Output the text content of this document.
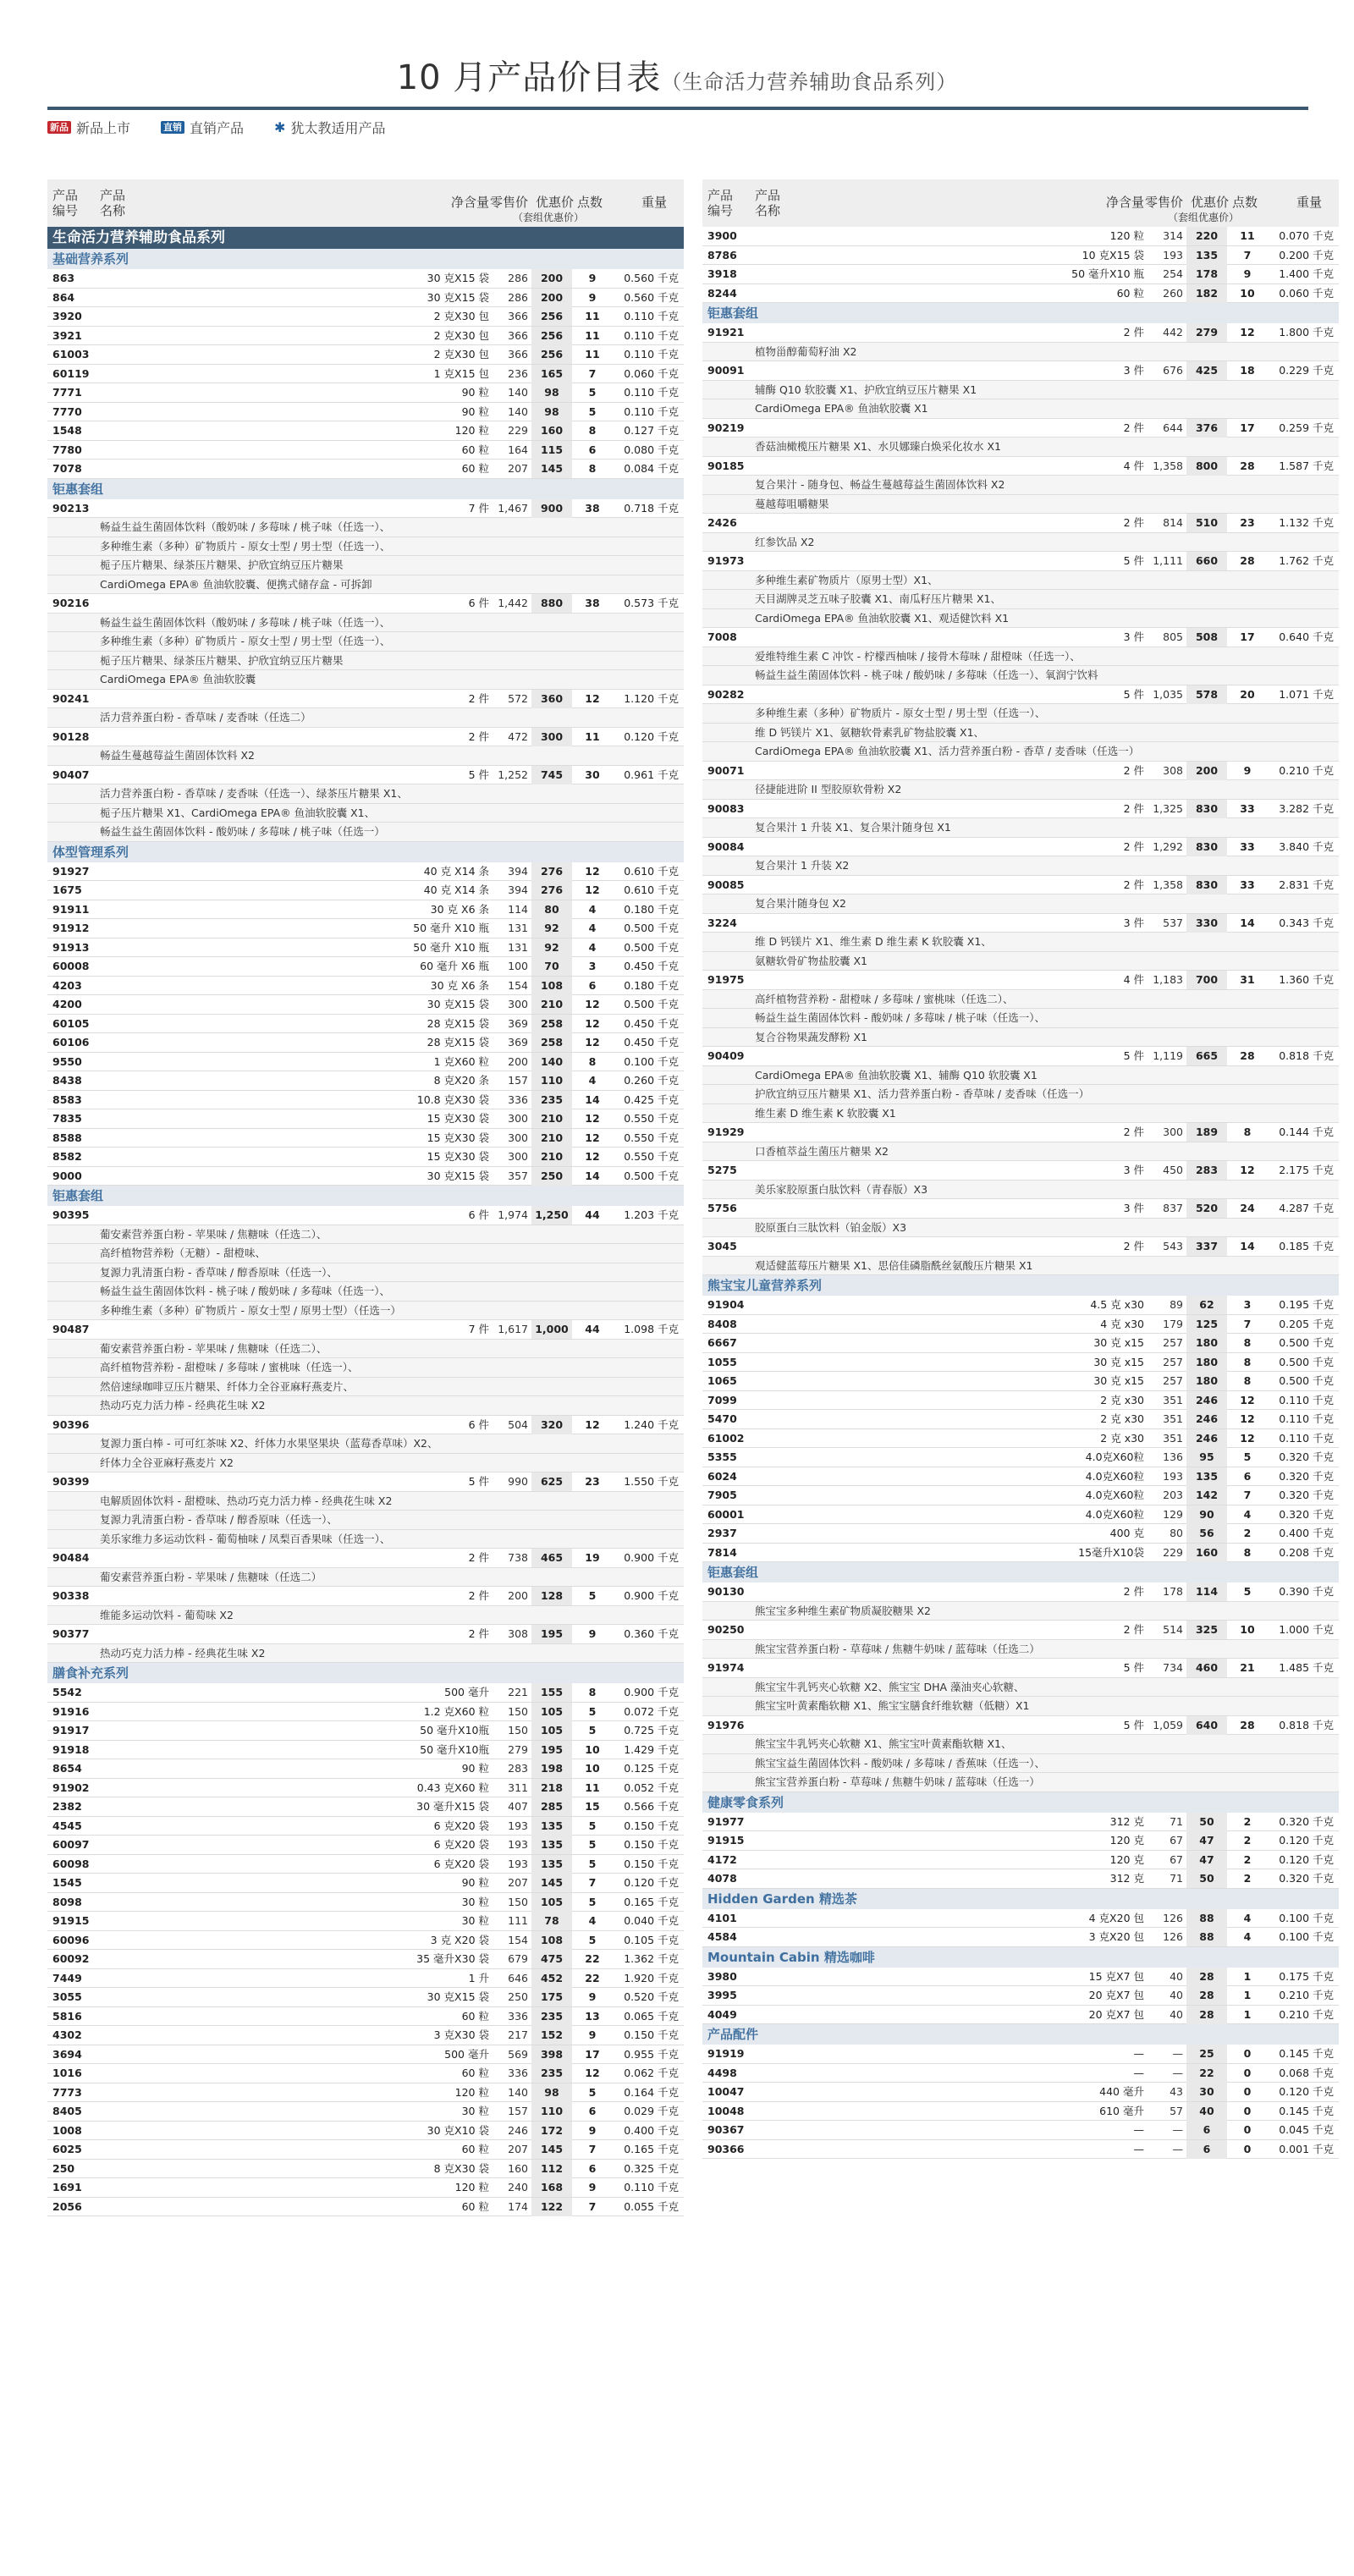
10 月产品价目表（生命活力营养辅助食品系列）
新品 新品上市	直销 直销产品 ✱ 犹太教适用产品
产品
编号
产品
名称
净含量 零售价 优惠价
（套组优惠价）
点数	重量
生命活力营养辅助食品系列
基础营养系列
863	30 克X15 袋	286	200	9	0.560 千克
864	30 克X15 袋	286	200	9	0.560 千克
3920	2 克X30 包	366	256	11	0.110 千克
3921	2 克X30 包	366	256	11	0.110 千克
61003	2 克X30 包	366	256	11	0.110 千克
60119	1 克X15 包	236	165	7	0.060 千克
7771	90 粒	140	98	5	0.110 千克
7770	90 粒	140	98	5	0.110 千克
1548	120 粒	229	160	8	0.127 千克
7780	60 粒	164	115	6	0.080 千克
7078	60 粒	207	145	8	0.084 千克
钜惠套组
90213	7 件 1,467	900	38	0.718 千克
畅益生益生菌固体饮料（酸奶味 / 多莓味 / 桃子味（任选一）、
多种维生素（多种）矿物质片 - 原女士型 / 男士型（任选一）、
栀子压片糖果、绿茶压片糖果、护欣宜纳豆压片糖果
CardiOmega EPA® 鱼油软胶囊、便携式储存盒 - 可拆卸
90216	6 件 1,442	880	38	0.573 千克
畅益生益生菌固体饮料（酸奶味 / 多莓味 / 桃子味（任选一）、
多种维生素（多种）矿物质片 - 原女士型 / 男士型（任选一）、
栀子压片糖果、绿茶压片糖果、护欣宜纳豆压片糖果
CardiOmega EPA® 鱼油软胶囊
90241	2 件	572	360	12	1.120 千克
活力营养蛋白粉 - 香草味 / 麦香味（任选二）
90128	2 件	472	300	11	0.120 千克
畅益生蔓越莓益生菌固体饮料 X2
90407	5 件 1,252	745	30	0.961 千克
活力营养蛋白粉 - 香草味 / 麦香味（任选一）、绿茶压片糖果 X1、
栀子压片糖果 X1、CardiOmega EPA® 鱼油软胶囊 X1、
畅益生益生菌固体饮料 - 酸奶味 / 多莓味 / 桃子味（任选一）
体型管理系列
91927	40 克 X14 条	394	276	12	0.610 千克
1675	40 克 X14 条	394	276	12	0.610 千克
91911	30 克 X6 条	114	80	4	0.180 千克
91912	50 毫升 X10 瓶	131	92	4	0.500 千克
91913	50 毫升 X10 瓶	131	92	4	0.500 千克
60008	60 毫升 X6 瓶	100	70	3	0.450 千克
4203	30 克 X6 条	154	108	6	0.180 千克
4200	30 克X15 袋	300	210	12	0.500 千克
60105	28 克X15 袋	369	258	12	0.450 千克
60106	28 克X15 袋	369	258	12	0.450 千克
9550	1 克X60 粒	200	140	8	0.100 千克
8438	8 克X20 条	157	110	4	0.260 千克
8583	10.8 克X30 袋	336	235	14	0.425 千克
7835	15 克X30 袋	300	210	12	0.550 千克
8588	15 克X30 袋	300	210	12	0.550 千克
8582	15 克X30 袋	300	210	12	0.550 千克
9000	30 克X15 袋	357	250	14	0.500 千克
钜惠套组
90395	6 件 1,974 1,250	44	1.203 千克
葡安素营养蛋白粉 - 苹果味 / 焦糖味（任选二）、
高纤植物营养粉（无糖）- 甜橙味、
复源力乳清蛋白粉 - 香草味 / 醇香原味（任选一）、
畅益生益生菌固体饮料 - 桃子味 / 酸奶味 / 多莓味（任选一）、
多种维生素（多种）矿物质片 - 原女士型 / 原男士型）（任选一）
90487	7 件 1,617 1,000	44	1.098 千克
葡安素营养蛋白粉 - 苹果味 / 焦糖味（任选二）、
高纤植物营养粉 - 甜橙味 / 多莓味 / 蜜桃味（任选一）、
然倍速绿咖啡豆压片糖果、纤体力全谷亚麻籽燕麦片、
热动巧克力活力棒 - 经典花生味 X2
90396	6 件	504	320	12	1.240 千克
复源力蛋白棒 - 可可红茶味 X2、纤体力水果坚果块（蓝莓香草味）X2、
纤体力全谷亚麻籽燕麦片 X2
90399	5 件	990	625	23	1.550 千克
电解质固体饮料 - 甜橙味、热动巧克力活力棒 - 经典花生味 X2
复源力乳清蛋白粉 - 香草味 / 醇香原味（任选一）、
美乐家维力多运动饮料 - 葡萄柚味 / 凤梨百香果味（任选一）、
90484	2 件	738	465	19	0.900 千克
葡安素营养蛋白粉 - 苹果味 / 焦糖味（任选二）
90338	2 件	200	128	5	0.900 千克
维能多运动饮料 - 葡萄味 X2
90377	2 件	308	195	9	0.360 千克
热动巧克力活力棒 - 经典花生味 X2
膳食补充系列
5542	500 毫升	221	155	8	0.900 千克
91916	1.2 克X60 粒	150	105	5	0.072 千克
91917	50 毫升X10瓶	150	105	5	0.725 千克
91918	50 毫升X10瓶	279	195	10	1.429 千克
8654	90 粒	283	198	10	0.125 千克
91902	0.43 克X60 粒	311	218	11	0.052 千克
2382	30 毫升X15 袋	407	285	15	0.566 千克
4545	6 克X20 袋	193	135	5	0.150 千克
60097	6 克X20 袋	193	135	5	0.150 千克
60098	6 克X20 袋	193	135	5	0.150 千克
1545	90 粒	207	145	7	0.120 千克
8098	30 粒	150	105	5	0.165 千克
91915	30 粒	111	78	4	0.040 千克
60096	3 克 X20 袋	154	108	5	0.105 千克
60092	35 毫升X30 袋	679	475	22	1.362 千克
7449	1 升	646	452	22	1.920 千克
3055	30 克X15 袋	250	175	9	0.520 千克
5816	60 粒	336	235	13	0.065 千克
4302	3 克X30 袋	217	152	9	0.150 千克
3694	500 毫升	569	398	17	0.955 千克
1016	60 粒	336	235	12	0.062 千克
7773	120 粒	140	98	5	0.164 千克
8405	30 粒	157	110	6	0.029 千克
1008	30 克X10 袋	246	172	9	0.400 千克
6025	60 粒	207	145	7	0.165 千克
250	8 克X30 袋	160	112	6	0.325 千克
1691	120 粒	240	168	9	0.110 千克
2056	60 粒	174	122	7	0.055 千克
产品
编号
产品
名称
净含量 零售价 优惠价
（套组优惠价）
点数	重量
3900	120 粒	314	220	11	0.070 千克
8786	10 克X15 袋	193	135	7	0.200 千克
3918	50 毫升X10 瓶	254	178	9	1.400 千克
8244	60 粒	260	182	10	0.060 千克
钜惠套组
91921	2 件	442	279	12	1.800 千克
植物甾醇葡萄籽油 X2
90091	3 件	676	425	18	0.229 千克
辅酶 Q10 软胶囊 X1、护欣宜纳豆压片糖果 X1
CardiOmega EPA® 鱼油软胶囊 X1
90219	2 件	644	376	17	0.259 千克
香菇油橄榄压片糖果 X1、水贝娜臻白焕采化妆水 X1
90185	4 件 1,358	800	28	1.587 千克
复合果汁 - 随身包、畅益生蔓越莓益生菌固体饮料 X2
蔓越莓咀嚼糖果
2426	2 件	814	510	23	1.132 千克
红参饮品 X2
91973	5 件 1,111	660	28	1.762 千克
多种维生素矿物质片（原男士型）X1、
天目湖牌灵芝五味子胶囊 X1、南瓜籽压片糖果 X1、
CardiOmega EPA® 鱼油软胶囊 X1、观适健饮料 X1
7008	3 件	805	508	17	0.640 千克
爱维特维生素 C 冲饮 - 柠檬西柚味 / 接骨木莓味 / 甜橙味（任选一）、
畅益生益生菌固体饮料 - 桃子味 / 酸奶味 / 多莓味（任选一）、氧润宁饮料
90282	5 件 1,035	578	20	1.071 千克
多种维生素（多种）矿物质片 - 原女士型 / 男士型（任选一）、
维 D 钙镁片 X1、氨糖软骨素乳矿物盐胶囊 X1、
CardiOmega EPA® 鱼油软胶囊 X1、活力营养蛋白粉 - 香草 / 麦香味（任选一）
90071	2 件	308	200	9	0.210 千克
径捷能进阶 II 型胶原软骨粉 X2
90083	2 件 1,325	830	33	3.282 千克
复合果汁 1 升装 X1、复合果汁随身包 X1
90084	2 件 1,292	830	33	3.840 千克
复合果汁 1 升装 X2
90085	2 件 1,358	830	33	2.831 千克
复合果汁随身包 X2
3224	3 件	537	330	14	0.343 千克
维 D 钙镁片 X1、维生素 D 维生素 K 软胶囊 X1、
氨糖软骨矿物盐胶囊 X1
91975	4 件 1,183	700	31	1.360 千克
高纤植物营养粉 - 甜橙味 / 多莓味 / 蜜桃味（任选二）、
畅益生益生菌固体饮料 - 酸奶味 / 多莓味 / 桃子味（任选一）、
复合谷物果蔬发酵粉 X1
90409	5 件 1,119	665	28	0.818 千克
CardiOmega EPA® 鱼油软胶囊 X1、辅酶 Q10 软胶囊 X1
护欣宜纳豆压片糖果 X1、活力营养蛋白粉 - 香草味 / 麦香味（任选一）
维生素 D 维生素 K 软胶囊 X1
91929	2 件	300	189	8	0.144 千克
口香植萃益生菌压片糖果 X2
5275	3 件	450	283	12	2.175 千克
美乐家胶原蛋白肽饮料（青春版）X3
5756	3 件	837	520	24	4.287 千克
胶原蛋白三肽饮料（铂金版）X3
3045	2 件	543	337	14	0.185 千克
观适健蓝莓压片糖果 X1、思倍佳磷脂酰丝氨酸压片糖果 X1
熊宝宝儿童营养系列
91904	4.5 克 x30	89	62	3	0.195 千克
8408	4 克 x30	179	125	7	0.205 千克
6667	30 克 x15	257	180	8	0.500 千克
1055	30 克 x15	257	180	8	0.500 千克
1065	30 克 x15	257	180	8	0.500 千克
7099	2 克 x30	351	246	12	0.110 千克
5470	2 克 x30	351	246	12	0.110 千克
61002	2 克 x30	351	246	12	0.110 千克
5355	4.0克X60粒	136	95	5	0.320 千克
6024	4.0克X60粒	193	135	6	0.320 千克
7905	4.0克X60粒	203	142	7	0.320 千克
60001	4.0克X60粒	129	90	4	0.320 千克
2937	400 克	80	56	2	0.400 千克
7814	15毫升X10袋	229	160	8	0.208 千克
钜惠套组
90130	2 件	178	114	5	0.390 千克
熊宝宝多种维生素矿物质凝胶糖果 X2
90250	2 件	514	325	10	1.000 千克
熊宝宝营养蛋白粉 - 草莓味 / 焦糖牛奶味 / 蓝莓味（任选二）
91974	5 件	734	460	21	1.485 千克
熊宝宝牛乳钙夹心软糖 X2、熊宝宝 DHA 藻油夹心软糖、
熊宝宝叶黄素酯软糖 X1、熊宝宝膳食纤维软糖（低糖）X1
91976	5 件 1,059	640	28	0.818 千克
熊宝宝牛乳钙夹心软糖 X1、熊宝宝叶黄素酯软糖 X1、
熊宝宝益生菌固体饮料 - 酸奶味 / 多莓味 / 香蕉味（任选一）、
熊宝宝营养蛋白粉 - 草莓味 / 焦糖牛奶味 / 蓝莓味（任选一）
健康零食系列
91977	312 克	71	50	2	0.320 千克
91915	120 克	67	47	2	0.120 千克
4172	120 克	67	47	2	0.120 千克
4078	312 克	71	50	2	0.320 千克
Hidden Garden 精选茶
4101	4 克X20 包	126	88	4	0.100 千克
4584	3 克X20 包	126	88	4	0.100 千克
Mountain Cabin 精选咖啡
3980	15 克X7 包	40	28	1	0.175 千克
3995	20 克X7 包	40	28	1	0.210 千克
4049	20 克X7 包	40	28	1	0.210 千克
产品配件
91919	—	—	25	0	0.145 千克
4498	—	—	22	0	0.068 千克
10047	440 毫升	43	30	0	0.120 千克
10048	610 毫升	57	40	0	0.145 千克
90367	—	—	6	0	0.045 千克
90366	—	—	6	0	0.001 千克
